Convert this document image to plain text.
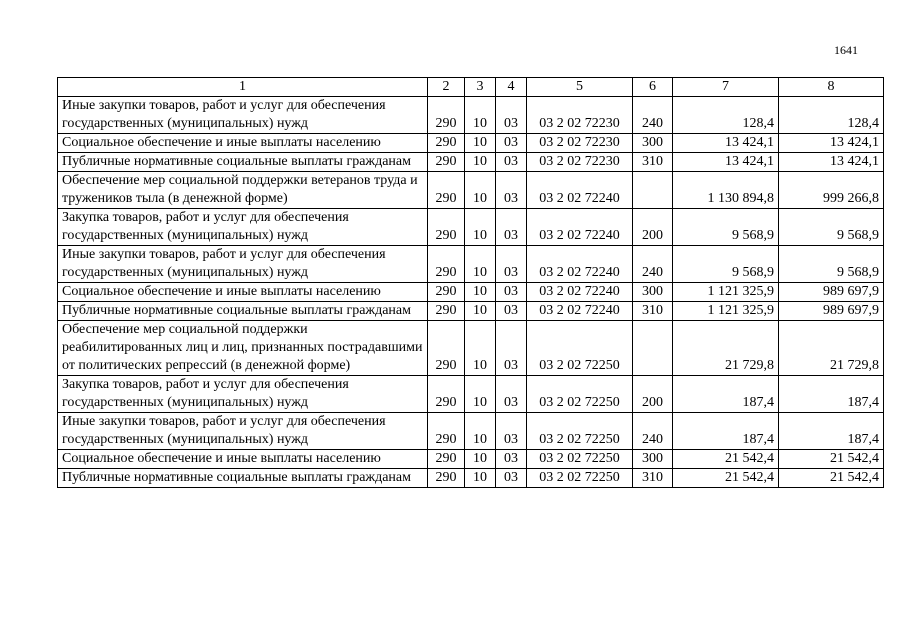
1641
1	2	3	4	5	6	7	8
Иные закупки товаров, работ и услуг для обеспечения государственных (муниципальных) нужд	290	10	03	03 2 02 72230	240	128,4	128,4
Социальное обеспечение и иные выплаты населению	290	10	03	03 2 02 72230	300	13 424,1	13 424,1
Публичные нормативные социальные выплаты гражданам	290	10	03	03 2 02 72230	310	13 424,1	13 424,1
Обеспечение мер социальной поддержки ветеранов труда и тружеников тыла (в денежной форме)	290	10	03	03 2 02 72240		1 130 894,8	999 266,8
Закупка товаров, работ и услуг для обеспечения государственных (муниципальных) нужд	290	10	03	03 2 02 72240	200	9 568,9	9 568,9
Иные закупки товаров, работ и услуг для обеспечения государственных (муниципальных) нужд	290	10	03	03 2 02 72240	240	9 568,9	9 568,9
Социальное обеспечение и иные выплаты населению	290	10	03	03 2 02 72240	300	1 121 325,9	989 697,9
Публичные нормативные социальные выплаты гражданам	290	10	03	03 2 02 72240	310	1 121 325,9	989 697,9
Обеспечение мер социальной поддержки реабилитированных лиц и лиц, признанных пострадавшими от политических репрессий (в денежной форме)	290	10	03	03 2 02 72250		21 729,8	21 729,8
Закупка товаров, работ и услуг для обеспечения государственных (муниципальных) нужд	290	10	03	03 2 02 72250	200	187,4	187,4
Иные закупки товаров, работ и услуг для обеспечения государственных (муниципальных) нужд	290	10	03	03 2 02 72250	240	187,4	187,4
Социальное обеспечение и иные выплаты населению	290	10	03	03 2 02 72250	300	21 542,4	21 542,4
Публичные нормативные социальные выплаты гражданам	290	10	03	03 2 02 72250	310	21 542,4	21 542,4
